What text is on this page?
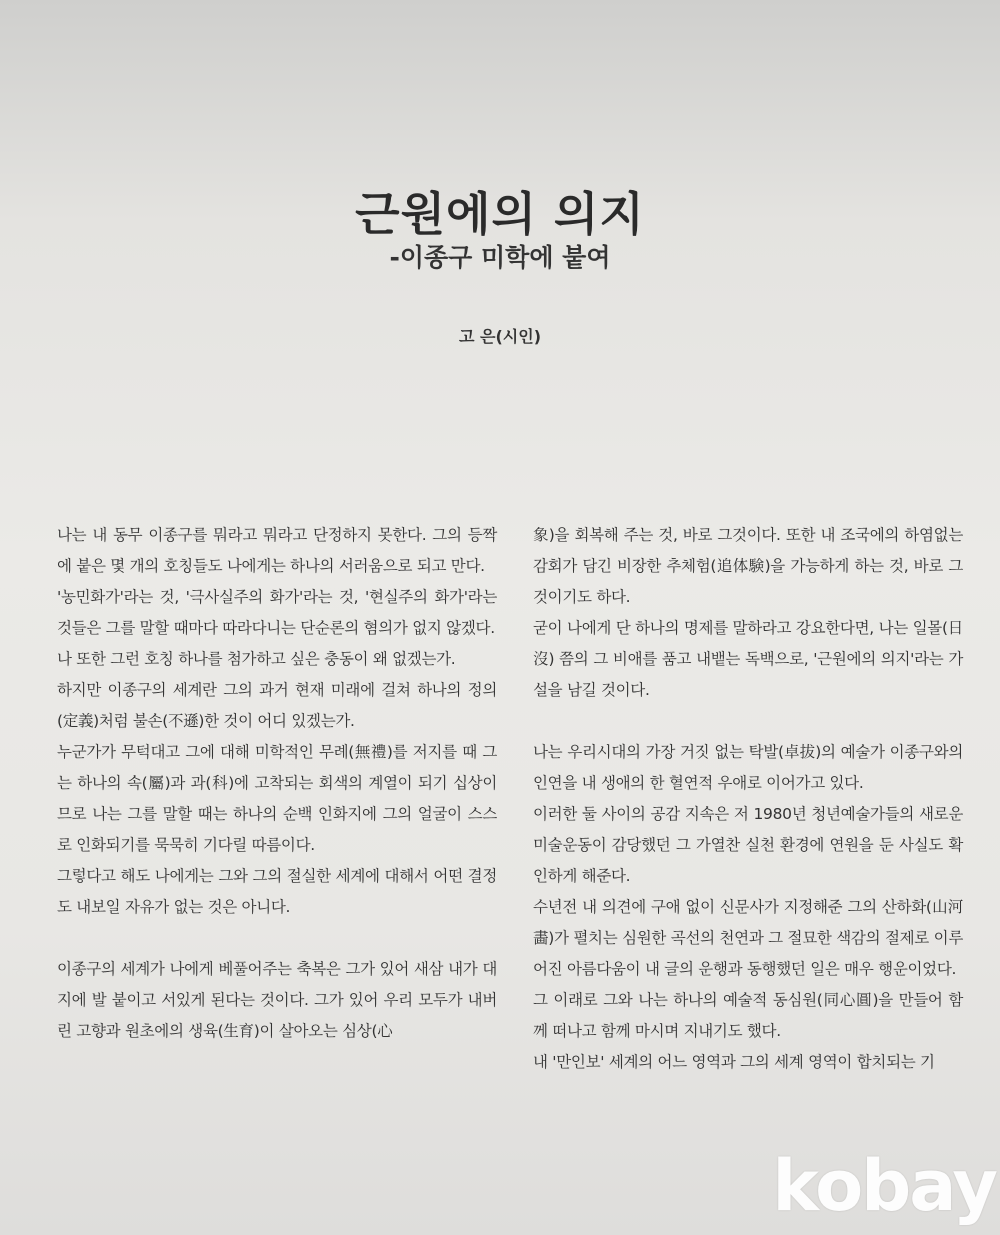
근원에의 의지
-이종구 미학에 붙여
고 은(시인)

나는 내 동무 이종구를 뭐라고 뭐라고 단정하지 못한다. 그의 등짝에 붙은 몇 개의 호칭들도 나에게는 하나의 서러움으로 되고 만다.

'농민화가'라는 것, '극사실주의 화가'라는 것, '현실주의 화가'라는 것들은 그를 말할 때마다 따라다니는 단순론의 혐의가 없지 않겠다.

나 또한 그런 호칭 하나를 첨가하고 싶은 충동이 왜 없겠는가.

하지만 이종구의 세계란 그의 과거 현재 미래에 걸쳐 하나의 정의(定義)처럼 불손(不遜)한 것이 어디 있겠는가.

누군가가 무턱대고 그에 대해 미학적인 무례(無禮)를 저지를 때 그는 하나의 속(屬)과 과(科)에 고착되는 회색의 계열이 되기 십상이므로 나는 그를 말할 때는 하나의 순백 인화지에 그의 얼굴이 스스로 인화되기를 묵묵히 기다릴 따름이다.

그렇다고 해도 나에게는 그와 그의 절실한 세계에 대해서 어떤 결정도 내보일 자유가 없는 것은 아니다.

이종구의 세계가 나에게 베풀어주는 축복은 그가 있어 새삼 내가 대지에 발 붙이고 서있게 된다는 것이다. 그가 있어 우리 모두가 내버린 고향과 원초에의 생육(生育)이 살아오는 심상(心

象)을 회복해 주는 것, 바로 그것이다. 또한 내 조국에의 하염없는 감회가 담긴 비장한 추체험(追体験)을 가능하게 하는 것, 바로 그것이기도 하다.

굳이 나에게 단 하나의 명제를 말하라고 강요한다면, 나는 일몰(日沒) 쯤의 그 비애를 품고 내뱉는 독백으로, '근원에의 의지'라는 가설을 남길 것이다.

나는 우리시대의 가장 거짓 없는 탁발(卓拔)의 예술가 이종구와의 인연을 내 생애의 한 혈연적 우애로 이어가고 있다.

이러한 둘 사이의 공감 지속은 저 1980년 청년예술가들의 새로운 미술운동이 감당했던 그 가열찬 실천 환경에 연원을 둔 사실도 확인하게 해준다.

수년전 내 의견에 구애 없이 신문사가 지정해준 그의 산하화(山河畵)가 펼치는 심원한 곡선의 천연과 그 절묘한 색감의 절제로 이루어진 아름다움이 내 글의 운행과 동행했던 일은 매우 행운이었다.

그 이래로 그와 나는 하나의 예술적 동심원(同心圓)을 만들어 함께 떠나고 함께 마시며 지내기도 했다.

내 '만인보' 세계의 어느 영역과 그의 세계 영역이 합치되는 기

kobay
